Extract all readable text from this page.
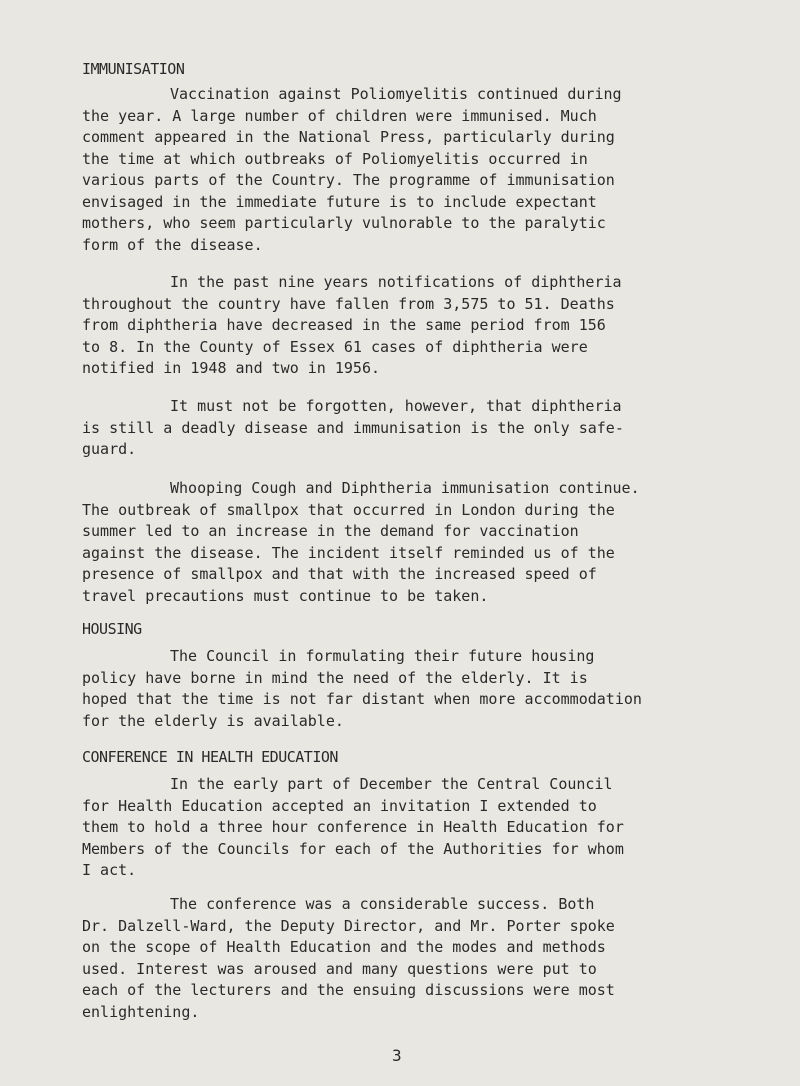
IMMUNISATION
Vaccination against Poliomyelitis continued during
the year. A large number of children were immunised. Much
comment appeared in the National Press, particularly during
the time at which outbreaks of Poliomyelitis occurred in
various parts of the Country. The programme of immunisation
envisaged in the immediate future is to include expectant
mothers, who seem particularly vulnorable to the paralytic
form of the disease.
In the past nine years notifications of diphtheria
throughout the country have fallen from 3,575 to 51. Deaths
from diphtheria have decreased in the same period from 156
to 8. In the County of Essex 61 cases of diphtheria were
notified in 1948 and two in 1956.
It must not be forgotten, however, that diphtheria
is still a deadly disease and immunisation is the only safe-
guard.
Whooping Cough and Diphtheria immunisation continue.
The outbreak of smallpox that occurred in London during the
summer led to an increase in the demand for vaccination
against the disease. The incident itself reminded us of the
presence of smallpox and that with the increased speed of
travel precautions must continue to be taken.
HOUSING
The Council in formulating their future housing
policy have borne in mind the need of the elderly. It is
hoped that the time is not far distant when more accommodation
for the elderly is available.
CONFERENCE IN HEALTH EDUCATION
In the early part of December the Central Council
for Health Education accepted an invitation I extended to
them to hold a three hour conference in Health Education for
Members of the Councils for each of the Authorities for whom
I act.
The conference was a considerable success. Both
Dr. Dalzell-Ward, the Deputy Director, and Mr. Porter spoke
on the scope of Health Education and the modes and methods
used. Interest was aroused and many questions were put to
each of the lecturers and the ensuing discussions were most
enlightening.
3
